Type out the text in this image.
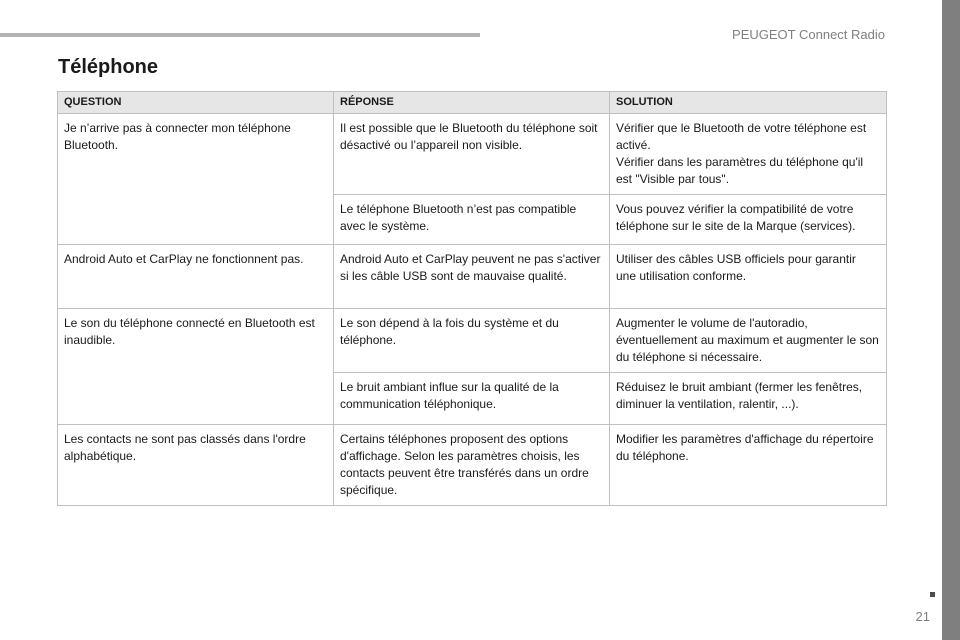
PEUGEOT Connect Radio
Téléphone
QUESTION	RÉPONSE	SOLUTION

Je n’arrive pas à connecter mon téléphone Bluetooth.	Il est possible que le Bluetooth du téléphone soit désactivé ou l’appareil non visible.	Vérifier que le Bluetooth de votre téléphone est activé.
Vérifier dans les paramètres du téléphone qu'il est "Visible par tous".

	Le téléphone Bluetooth n’est pas compatible avec le système.	Vous pouvez vérifier la compatibilité de votre téléphone sur le site de la Marque (services).

Android Auto et CarPlay ne fonctionnent pas.	Android Auto et CarPlay peuvent ne pas s'activer si les câble USB sont de mauvaise qualité.	Utiliser des câbles USB officiels pour garantir une utilisation conforme.

Le son du téléphone connecté en Bluetooth est inaudible.	Le son dépend à la fois du système et du téléphone.	Augmenter le volume de l'autoradio, éventuellement au maximum et augmenter le son du téléphone si nécessaire.

	Le bruit ambiant influe sur la qualité de la communication téléphonique.	Réduisez le bruit ambiant (fermer les fenêtres, diminuer la ventilation, ralentir, ...).

Les contacts ne sont pas classés dans l'ordre alphabétique.	Certains téléphones proposent des options d'affichage. Selon les paramètres choisis, les contacts peuvent être transférés dans un ordre spécifique.	Modifier les paramètres d'affichage du répertoire du téléphone.
21
